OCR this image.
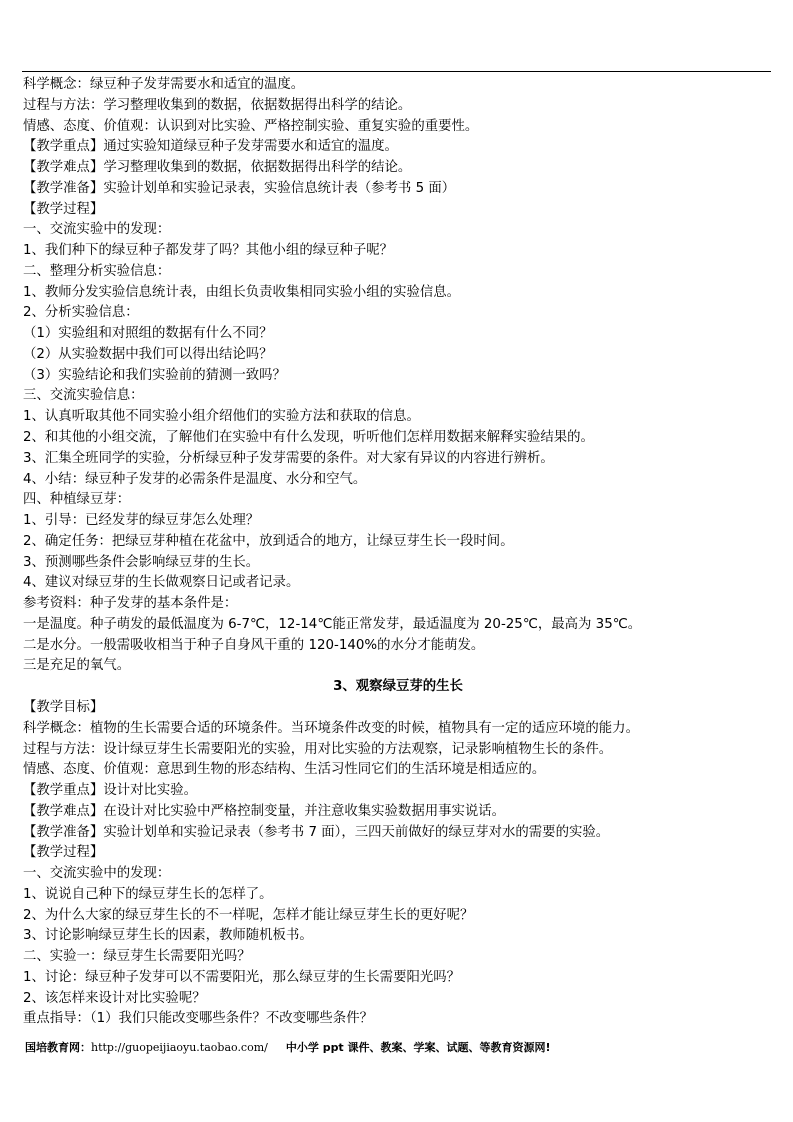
科学概念：绿豆种子发芽需要水和适宜的温度。
过程与方法：学习整理收集到的数据，依据数据得出科学的结论。
情感、态度、价值观：认识到对比实验、严格控制实验、重复实验的重要性。
【教学重点】通过实验知道绿豆种子发芽需要水和适宜的温度。
【教学难点】学习整理收集到的数据，依据数据得出科学的结论。
【教学准备】实验计划单和实验记录表，实验信息统计表（参考书 5 面）
【教学过程】
一、交流实验中的发现：
1、我们种下的绿豆种子都发芽了吗？其他小组的绿豆种子呢？
二、整理分析实验信息：
1、教师分发实验信息统计表，由组长负责收集相同实验小组的实验信息。
2、分析实验信息：
（1）实验组和对照组的数据有什么不同？
（2）从实验数据中我们可以得出结论吗？
（3）实验结论和我们实验前的猜测一致吗？
三、交流实验信息：
1、认真听取其他不同实验小组介绍他们的实验方法和获取的信息。
2、和其他的小组交流，了解他们在实验中有什么发现，听听他们怎样用数据来解释实验结果的。
3、汇集全班同学的实验，分析绿豆种子发芽需要的条件。对大家有异议的内容进行辨析。
4、小结：绿豆种子发芽的必需条件是温度、水分和空气。
四、种植绿豆芽：
1、引导：已经发芽的绿豆芽怎么处理？
2、确定任务：把绿豆芽种植在花盆中，放到适合的地方，让绿豆芽生长一段时间。
3、预测哪些条件会影响绿豆芽的生长。
4、建议对绿豆芽的生长做观察日记或者记录。
参考资料：种子发芽的基本条件是：
一是温度。种子萌发的最低温度为 6-7℃，12-14℃能正常发芽，最适温度为 20-25℃，最高为 35℃。
二是水分。一般需吸收相当于种子自身风干重的 120-140%的水分才能萌发。
三是充足的氧气。
3、观察绿豆芽的生长
【教学目标】
科学概念：植物的生长需要合适的环境条件。当环境条件改变的时候，植物具有一定的适应环境的能力。
过程与方法：设计绿豆芽生长需要阳光的实验，用对比实验的方法观察，记录影响植物生长的条件。
情感、态度、价值观：意思到生物的形态结构、生活习性同它们的生活环境是相适应的。
【教学重点】设计对比实验。
【教学难点】在设计对比实验中严格控制变量，并注意收集实验数据用事实说话。
【教学准备】实验计划单和实验记录表（参考书 7 面），三四天前做好的绿豆芽对水的需要的实验。
【教学过程】
一、交流实验中的发现：
1、说说自己种下的绿豆芽生长的怎样了。
2、为什么大家的绿豆芽生长的不一样呢，怎样才能让绿豆芽生长的更好呢？
3、讨论影响绿豆芽生长的因素，教师随机板书。
二、实验一：绿豆芽生长需要阳光吗？
1、讨论：绿豆种子发芽可以不需要阳光，那么绿豆芽的生长需要阳光吗？
2、该怎样来设计对比实验呢？
重点指导：（1）我们只能改变哪些条件？不改变哪些条件？
国培教育网：http://guopeijiaoyu.taobao.com/ 中小学 ppt 课件、教案、学案、试题、等教育资源网!
